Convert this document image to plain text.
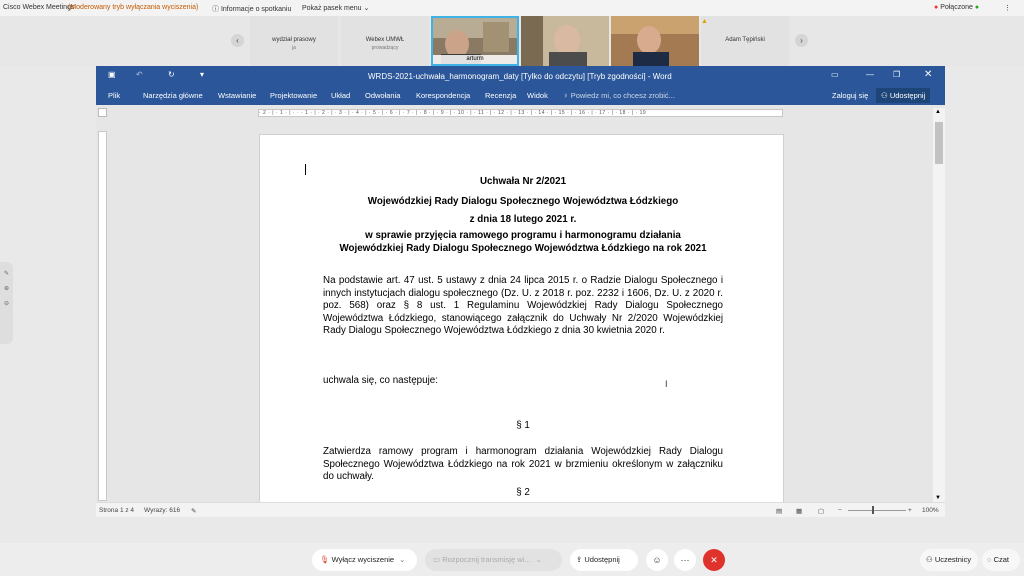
Cisco Webex Meetings
(Moderowany tryb wyłączania wyciszenia) ⓘ Informacje o spotkaniu Pokaż pasek menu ⌄	● Połączone ●	⋮
‹	wydział prasowy
ja
Webex UMWŁ
prowadzący
arturm
▲
Adam Tępiński	›
✎
⊕
⊖
▣	↶	↻	▾	WRDS-2021-uchwała_harmonogram_daty [Tylko do odczytu] [Tryb zgodności] - Word	▭	— ❐ ✕
Plik	Narzędzia główne Wstawianie Projektowanie Układ Odwołania Korespondencja Recenzja Widok ♀ Powiedz mi, co chcesz zrobić...	Zaloguj się	⚇ Udostępnij
· 2 · | · 1 · | · · · 1 · | · 2 · | · 3 · | · 4 · | · 5 · | · 6 · | · 7 · | · 8 · | · 9 · | · 10 · | · 11 · | · 12 · | · 13 · | · 14 · | · 15 · | · 16 · | · 17 · | · 18 · | · 19
Uchwała Nr 2/2021
Wojewódzkiej Rady Dialogu Społecznego Województwa Łódzkiego
z dnia 18 lutego 2021 r.
w sprawie przyjęcia ramowego programu i harmonogramu działania
Wojewódzkiej Rady Dialogu Społecznego Województwa Łódzkiego na rok 2021
Na podstawie art. 47 ust. 5 ustawy z dnia 24 lipca 2015 r. o Radzie Dialogu Społecznego i innych instytucjach dialogu społecznego (Dz. U. z 2018 r. poz. 2232 i 1606, Dz. U. z 2020 r. poz. 568) oraz § 8 ust. 1 Regulaminu Wojewódzkiej Rady Dialogu Społecznego Województwa Łódzkiego, stanowiącego załącznik do Uchwały Nr 2/2020 Wojewódzkiej Rady Dialogu Społecznego Województwa Łódzkiego z dnia 30 kwietnia 2020 r.
uchwala się, co następuje:	I
§ 1
Zatwierdza ramowy program i harmonogram działania Wojewódzkiej Rady Dialogu Społecznego Województwa Łódzkiego na rok 2021 w brzmieniu określonym w załączniku do uchwały.
§ 2
▲
▼
Strona 1 z 4 Wyrazy: 616 ✎	▤ ▦ ▢ −	+ 100%
🎙 Wyłącz wyciszenie ⌄	▭ Rozpocznij transmisję wi... ⌄	⇪ Udostępnij	☺	···	✕	⚇ Uczestnicy	◌ Czat
